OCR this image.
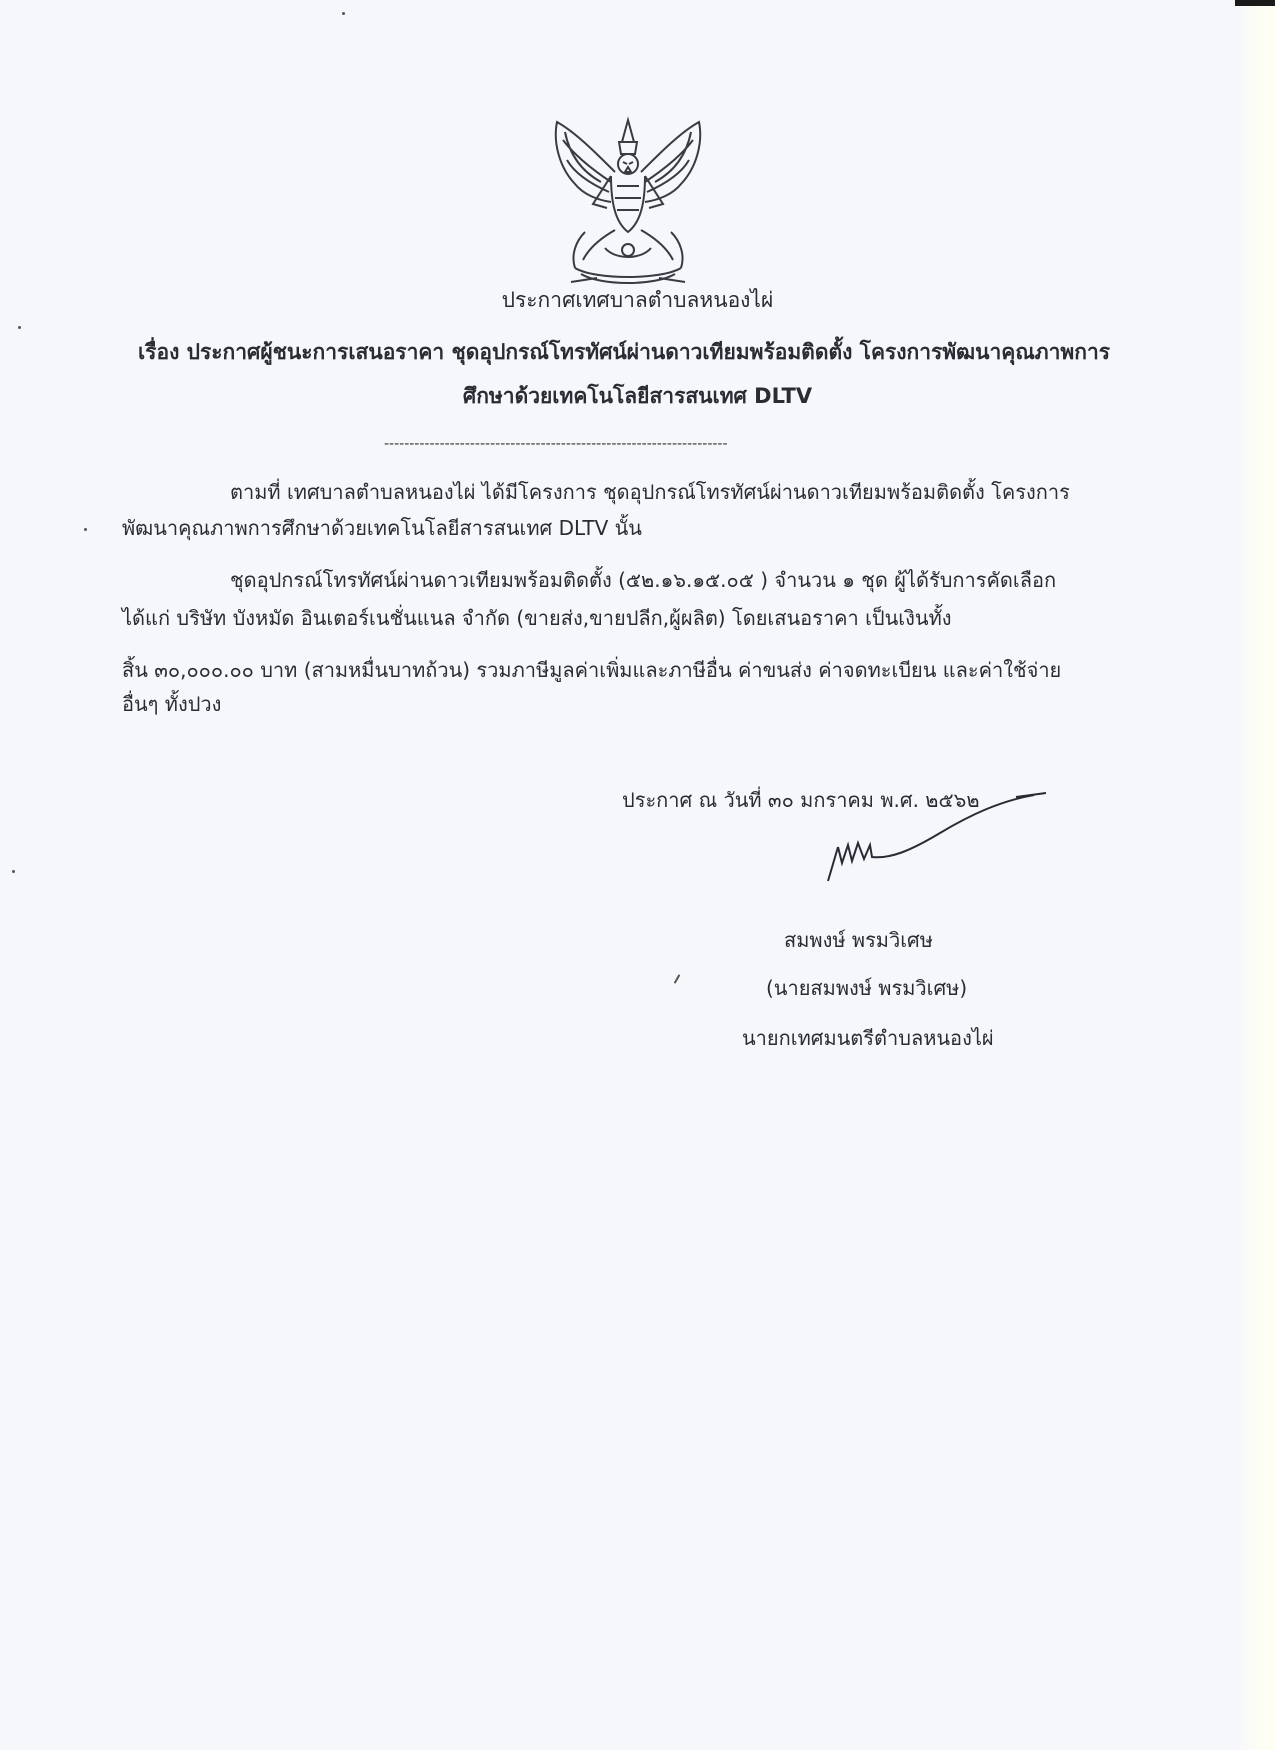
ประกาศเทศบาลตำบลหนองไผ่
เรื่อง ประกาศผู้ชนะการเสนอราคา ชุดอุปกรณ์โทรทัศน์ผ่านดาวเทียมพร้อมติดตั้ง โครงการพัฒนาคุณภาพการ
ศึกษาด้วยเทคโนโลยีสารสนเทศ DLTV
--------------------------------------------------------------------
ตามที่ เทศบาลตำบลหนองไผ่ ได้มีโครงการ ชุดอุปกรณ์โทรทัศน์ผ่านดาวเทียมพร้อมติดตั้ง โครงการ
พัฒนาคุณภาพการศึกษาด้วยเทคโนโลยีสารสนเทศ DLTV นั้น
ชุดอุปกรณ์โทรทัศน์ผ่านดาวเทียมพร้อมติดตั้ง (๕๒.๑๖.๑๕.๐๕ ) จำนวน ๑ ชุด ผู้ได้รับการคัดเลือก
ได้แก่ บริษัท บังหมัด อินเตอร์เนชั่นแนล จำกัด (ขายส่ง,ขายปลีก,ผู้ผลิต) โดยเสนอราคา เป็นเงินทั้ง
สิ้น ๓๐,๐๐๐.๐๐ บาท (สามหมื่นบาทถ้วน) รวมภาษีมูลค่าเพิ่มและภาษีอื่น ค่าขนส่ง ค่าจดทะเบียน และค่าใช้จ่าย
อื่นๆ ทั้งปวง
ประกาศ ณ วันที่ ๓๐ มกราคม พ.ศ. ๒๕๖๒
สมพงษ์ พรมวิเศษ
(นายสมพงษ์ พรมวิเศษ)
นายกเทศมนตรีตำบลหนองไผ่
